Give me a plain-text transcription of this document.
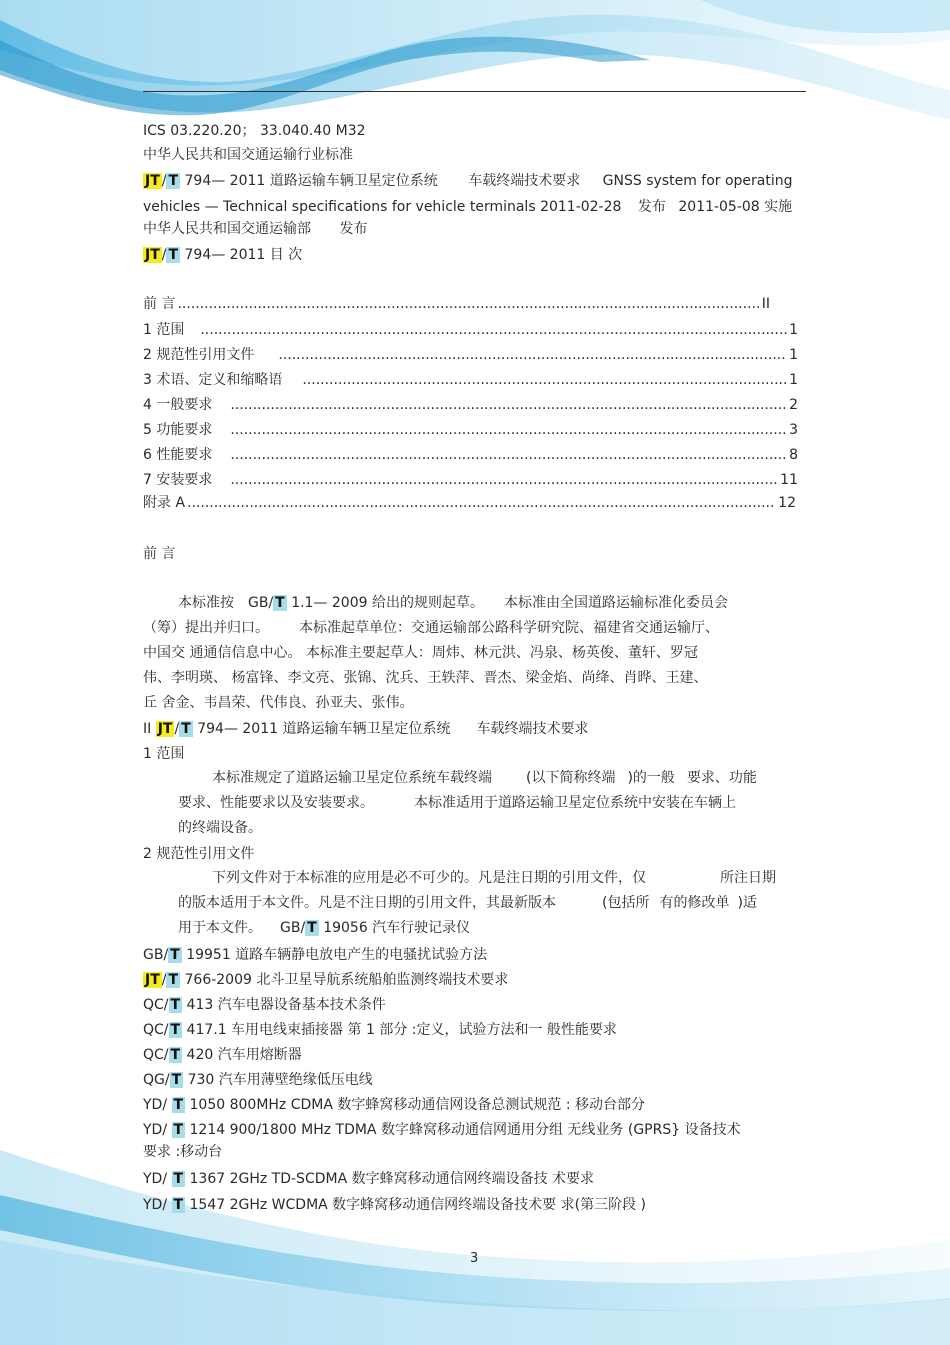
ICS 03.220.20； 33.040.40 M32
中华人民共和国交通运输行业标准
JT / T 794— 2011 道路运输车辆卫星定位系统 车载终端技术要求 GNSS system for operating
vehicles — Technical specifications for vehicle terminals 2011-02-28 发布 2011-05-08 实施
中华人民共和国交通运输部 发布
JT / T 794— 2011 目 次
前 言 .....	II
1 范围 .....	1
2 规范性引用文件 .....	1
3 术语、定义和缩略语 .....	1
4 一般要求 .....	2
5 功能要求 .....	3
6 性能要求 .....	8
7 安装要求 .....	11
附录 A .....	12
前 言
本标准按 GB/ T 1.1— 2009 给出的规则起草。 本标准由全国道路运输标准化委员会
（筹）提出并归口。 本标准起草单位：交通运输部公路科学研究院、福建省交通运输厅、
中国交 通通信信息中心。 本标准主要起草人：周炜、林元洪、冯泉、杨英俊、董轩、罗冠
伟、李明瑛、 杨富锋、李文亮、张锦、沈兵、王轶萍、晋杰、梁金焰、尚绛、肖晔、王建、
丘 舍金、韦昌荣、代伟良、孙亚夫、张伟。
II JT / T 794— 2011 道路运输车辆卫星定位系统 车载终端技术要求
1 范围
本标准规定了道路运输卫星定位系统车载终端 (以下简称终端 )的一般 要求、功能
要求、性能要求以及安装要求。	本标准适用于道路运输卫星定位系统中安装在车辆上
的终端设备。
2 规范性引用文件
下列文件对于本标准的应用是必不可少的。凡是注日期的引用文件，仅	所注日期
的版本适用于本文件。凡是不注日期的引用文件，其最新版本	(包括所 有的修改单 )适
用于本文件。 GB/ T 19056 汽车行驶记录仪
GB/ T 19951 道路车辆静电放电产生的电骚扰试验方法
JT / T 766-2009 北斗卫星导航系统船舶监测终端技术要求
QC/ T 413 汽车电器设备基本技术条件
QC/ T 417.1 车用电线束插接器 第 1 部分 :定义，试验方法和一 般性能要求
QC/ T 420 汽车用熔断器
QG/ T 730 汽车用薄壁绝缘低压电线
YD/ T 1050 800MHz CDMA 数字蜂窝移动通信网设备总测试规范 : 移动台部分
YD/ T 1214 900/1800 MHz TDMA 数字蜂窝移动通信网通用分组 无线业务 (GPRS} 设备技术
要求 :移动台
YD/ T 1367 2GHz TD-SCDMA 数字蜂窝移动通信网终端设备技 术要求
YD/ T 1547 2GHz WCDMA 数字蜂窝移动通信网终端设备技术要 求(第三阶段 )
3
